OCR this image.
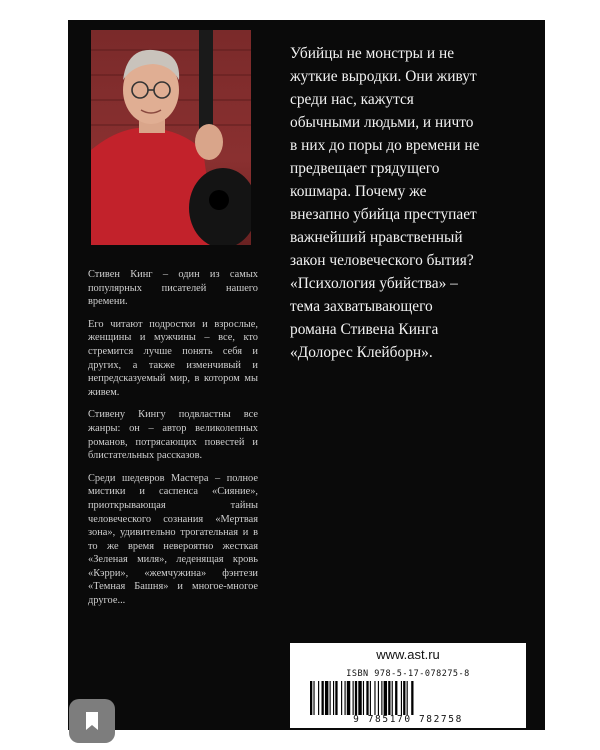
Стивен Кинг – один из самых популярных писателей нашего времени.

Его читают подростки и взрослые, женщины и мужчины – все, кто стремится лучше понять себя и других, а также изменчивый и непредсказуемый мир, в котором мы живем.

Стивену Кингу подвластны все жанры: он – автор великолепных романов, потрясающих повестей и блистательных рассказов.

Среди шедевров Мастера – полное мистики и саспенса «Сияние», приоткрывающая тайны человеческого сознания «Мертвая зона», удивительно трогательная и в то же время невероятно жесткая «Зеленая миля», леденящая кровь «Кэрри», «жемчужина» фэнтези «Темная Башня» и многое-многое другое...

Убийцы не монстры и не

жуткие выродки. Они живут

среди нас, кажутся

обычными людьми, и ничто

в них до поры до времени не

предвещает грядущего

кошмара. Почему же

внезапно убийца преступает

важнейший нравственный

закон человеческого бытия?

«Психология убийства» –

тема захватывающего

романа Стивена Кинга

«Долорес Клейборн».

www.ast.ru
ISBN 978-5-17-078275-8
9 785170 782758
